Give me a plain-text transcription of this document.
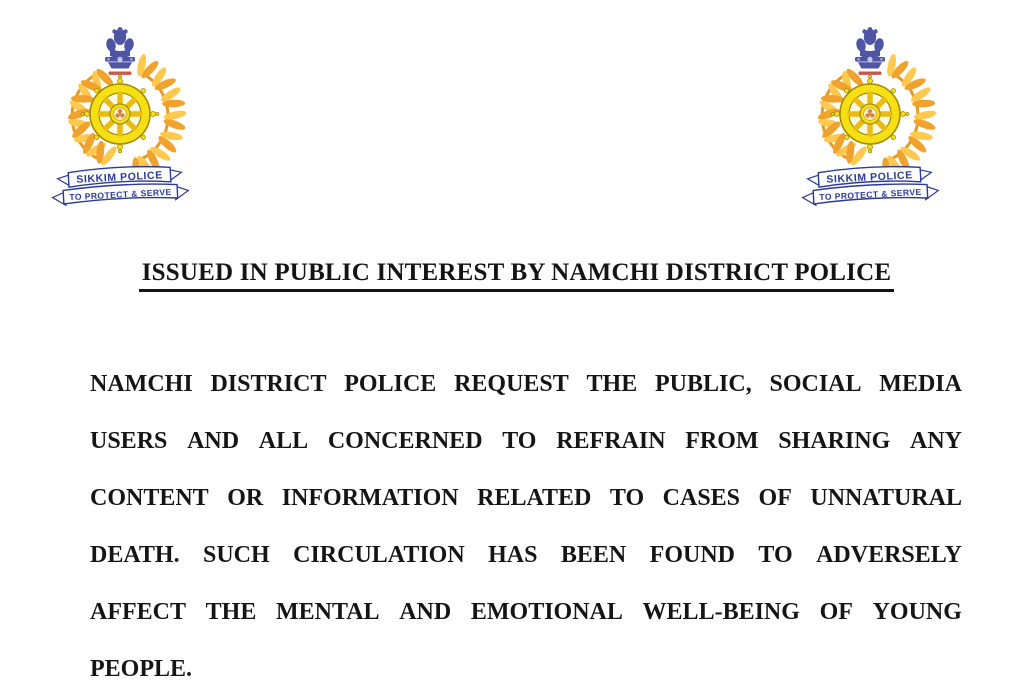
ISSUED IN PUBLIC INTEREST BY NAMCHI DISTRICT POLICE
NAMCHI DISTRICT POLICE REQUEST THE PUBLIC, SOCIAL MEDIA
USERS AND ALL CONCERNED TO REFRAIN FROM SHARING ANY
CONTENT OR INFORMATION RELATED TO CASES OF UNNATURAL
DEATH. SUCH CIRCULATION HAS BEEN FOUND TO ADVERSELY
AFFECT THE MENTAL AND EMOTIONAL WELL-BEING OF YOUNG
PEOPLE.
